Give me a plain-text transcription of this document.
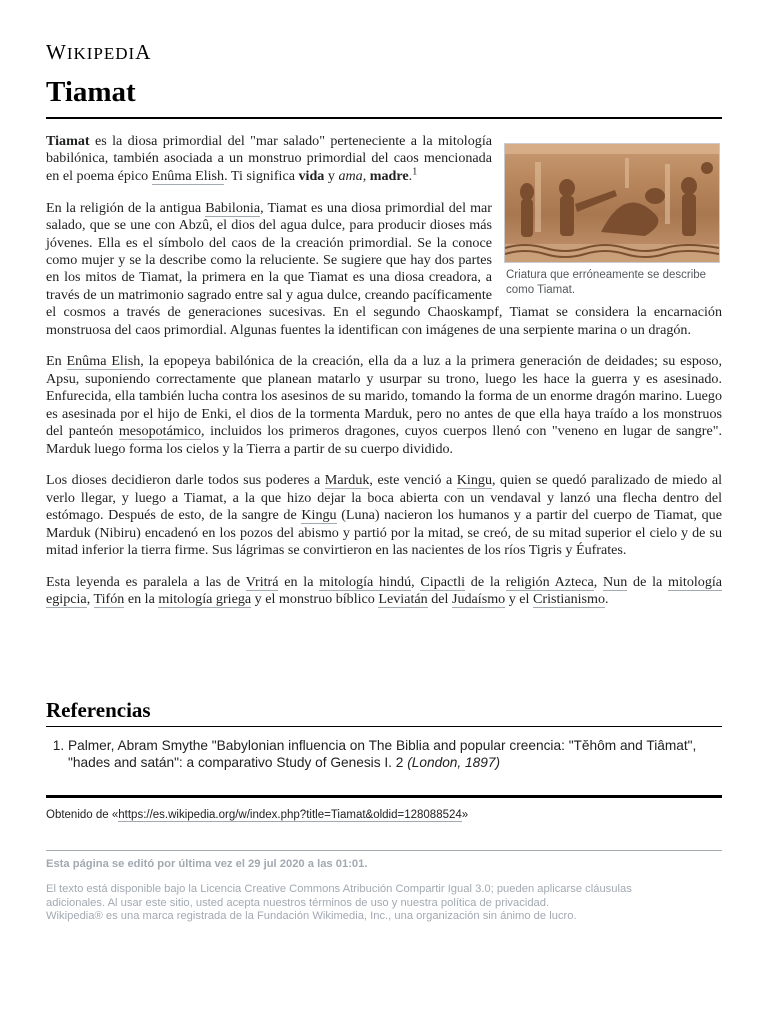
WIKIPEDIA
Tiamat
Criatura que erróneamente se describe como Tiamat.

Tiamat es la diosa primordial del "mar salado" perteneciente a la mitología babilónica, también asociada a un monstruo primordial del caos mencionada en el poema épico Enûma Elish. Ti significa vida y ama, madre.$^1$

En la religión de la antigua Babilonia, Tiamat es una diosa primordial del mar salado, que se une con Abzû, el dios del agua dulce, para producir dioses más jóvenes. Ella es el símbolo del caos de la creación primordial. Se la conoce como mujer y se la describe como la reluciente. Se sugiere que hay dos partes en los mitos de Tiamat, la primera en la que Tiamat es una diosa creadora, a través de un matrimonio sagrado entre sal y agua dulce, creando pacíficamente el cosmos a través de generaciones sucesivas. En el segundo Chaoskampf, Tiamat se considera la encarnación monstruosa del caos primordial. Algunas fuentes la identifican con imágenes de una serpiente marina o un dragón.

En Enûma Elish, la epopeya babilónica de la creación, ella da a luz a la primera generación de deidades; su esposo, Apsu, suponiendo correctamente que planean matarlo y usurpar su trono, luego les hace la guerra y es asesinado. Enfurecida, ella también lucha contra los asesinos de su marido, tomando la forma de un enorme dragón marino. Luego es asesinada por el hijo de Enki, el dios de la tormenta Marduk, pero no antes de que ella haya traído a los monstruos del panteón mesopotámico, incluidos los primeros dragones, cuyos cuerpos llenó con "veneno en lugar de sangre". Marduk luego forma los cielos y la Tierra a partir de su cuerpo dividido.

Los dioses decidieron darle todos sus poderes a Marduk, este venció a Kingu, quien se quedó paralizado de miedo al verlo llegar, y luego a Tiamat, a la que hizo dejar la boca abierta con un vendaval y lanzó una flecha dentro del estómago. Después de esto, de la sangre de Kingu (Luna) nacieron los humanos y a partir del cuerpo de Tiamat, que Marduk (Nibiru) encadenó en los pozos del abismo y partió por la mitad, se creó, de su mitad superior el cielo y de su mitad inferior la tierra firme. Sus lágrimas se convirtieron en las nacientes de los ríos Tigris y Éufrates.

Esta leyenda es paralela a las de Vritrá en la mitología hindú, Cipactli de la religión Azteca, Nun de la mitología egipcia, Tifón en la mitología griega y el monstruo bíblico Leviatán del Judaísmo y el Cristianismo.

Referencias
1. Palmer, Abram Smythe "Babylonian influencia on The Biblia and popular creencia: "Tĕhôm and Tiâmat", "hades and satán": a comparativo Study of Genesis I. 2 (London, 1897)
Obtenido de «https://es.wikipedia.org/w/index.php?title=Tiamat&oldid=128088524»
Esta página se editó por última vez el 29 jul 2020 a las 01:01.
El texto está disponible bajo la Licencia Creative Commons Atribución Compartir Igual 3.0; pueden aplicarse cláusulas
adicionales. Al usar este sitio, usted acepta nuestros términos de uso y nuestra política de privacidad.
Wikipedia® es una marca registrada de la Fundación Wikimedia, Inc., una organización sin ánimo de lucro.
